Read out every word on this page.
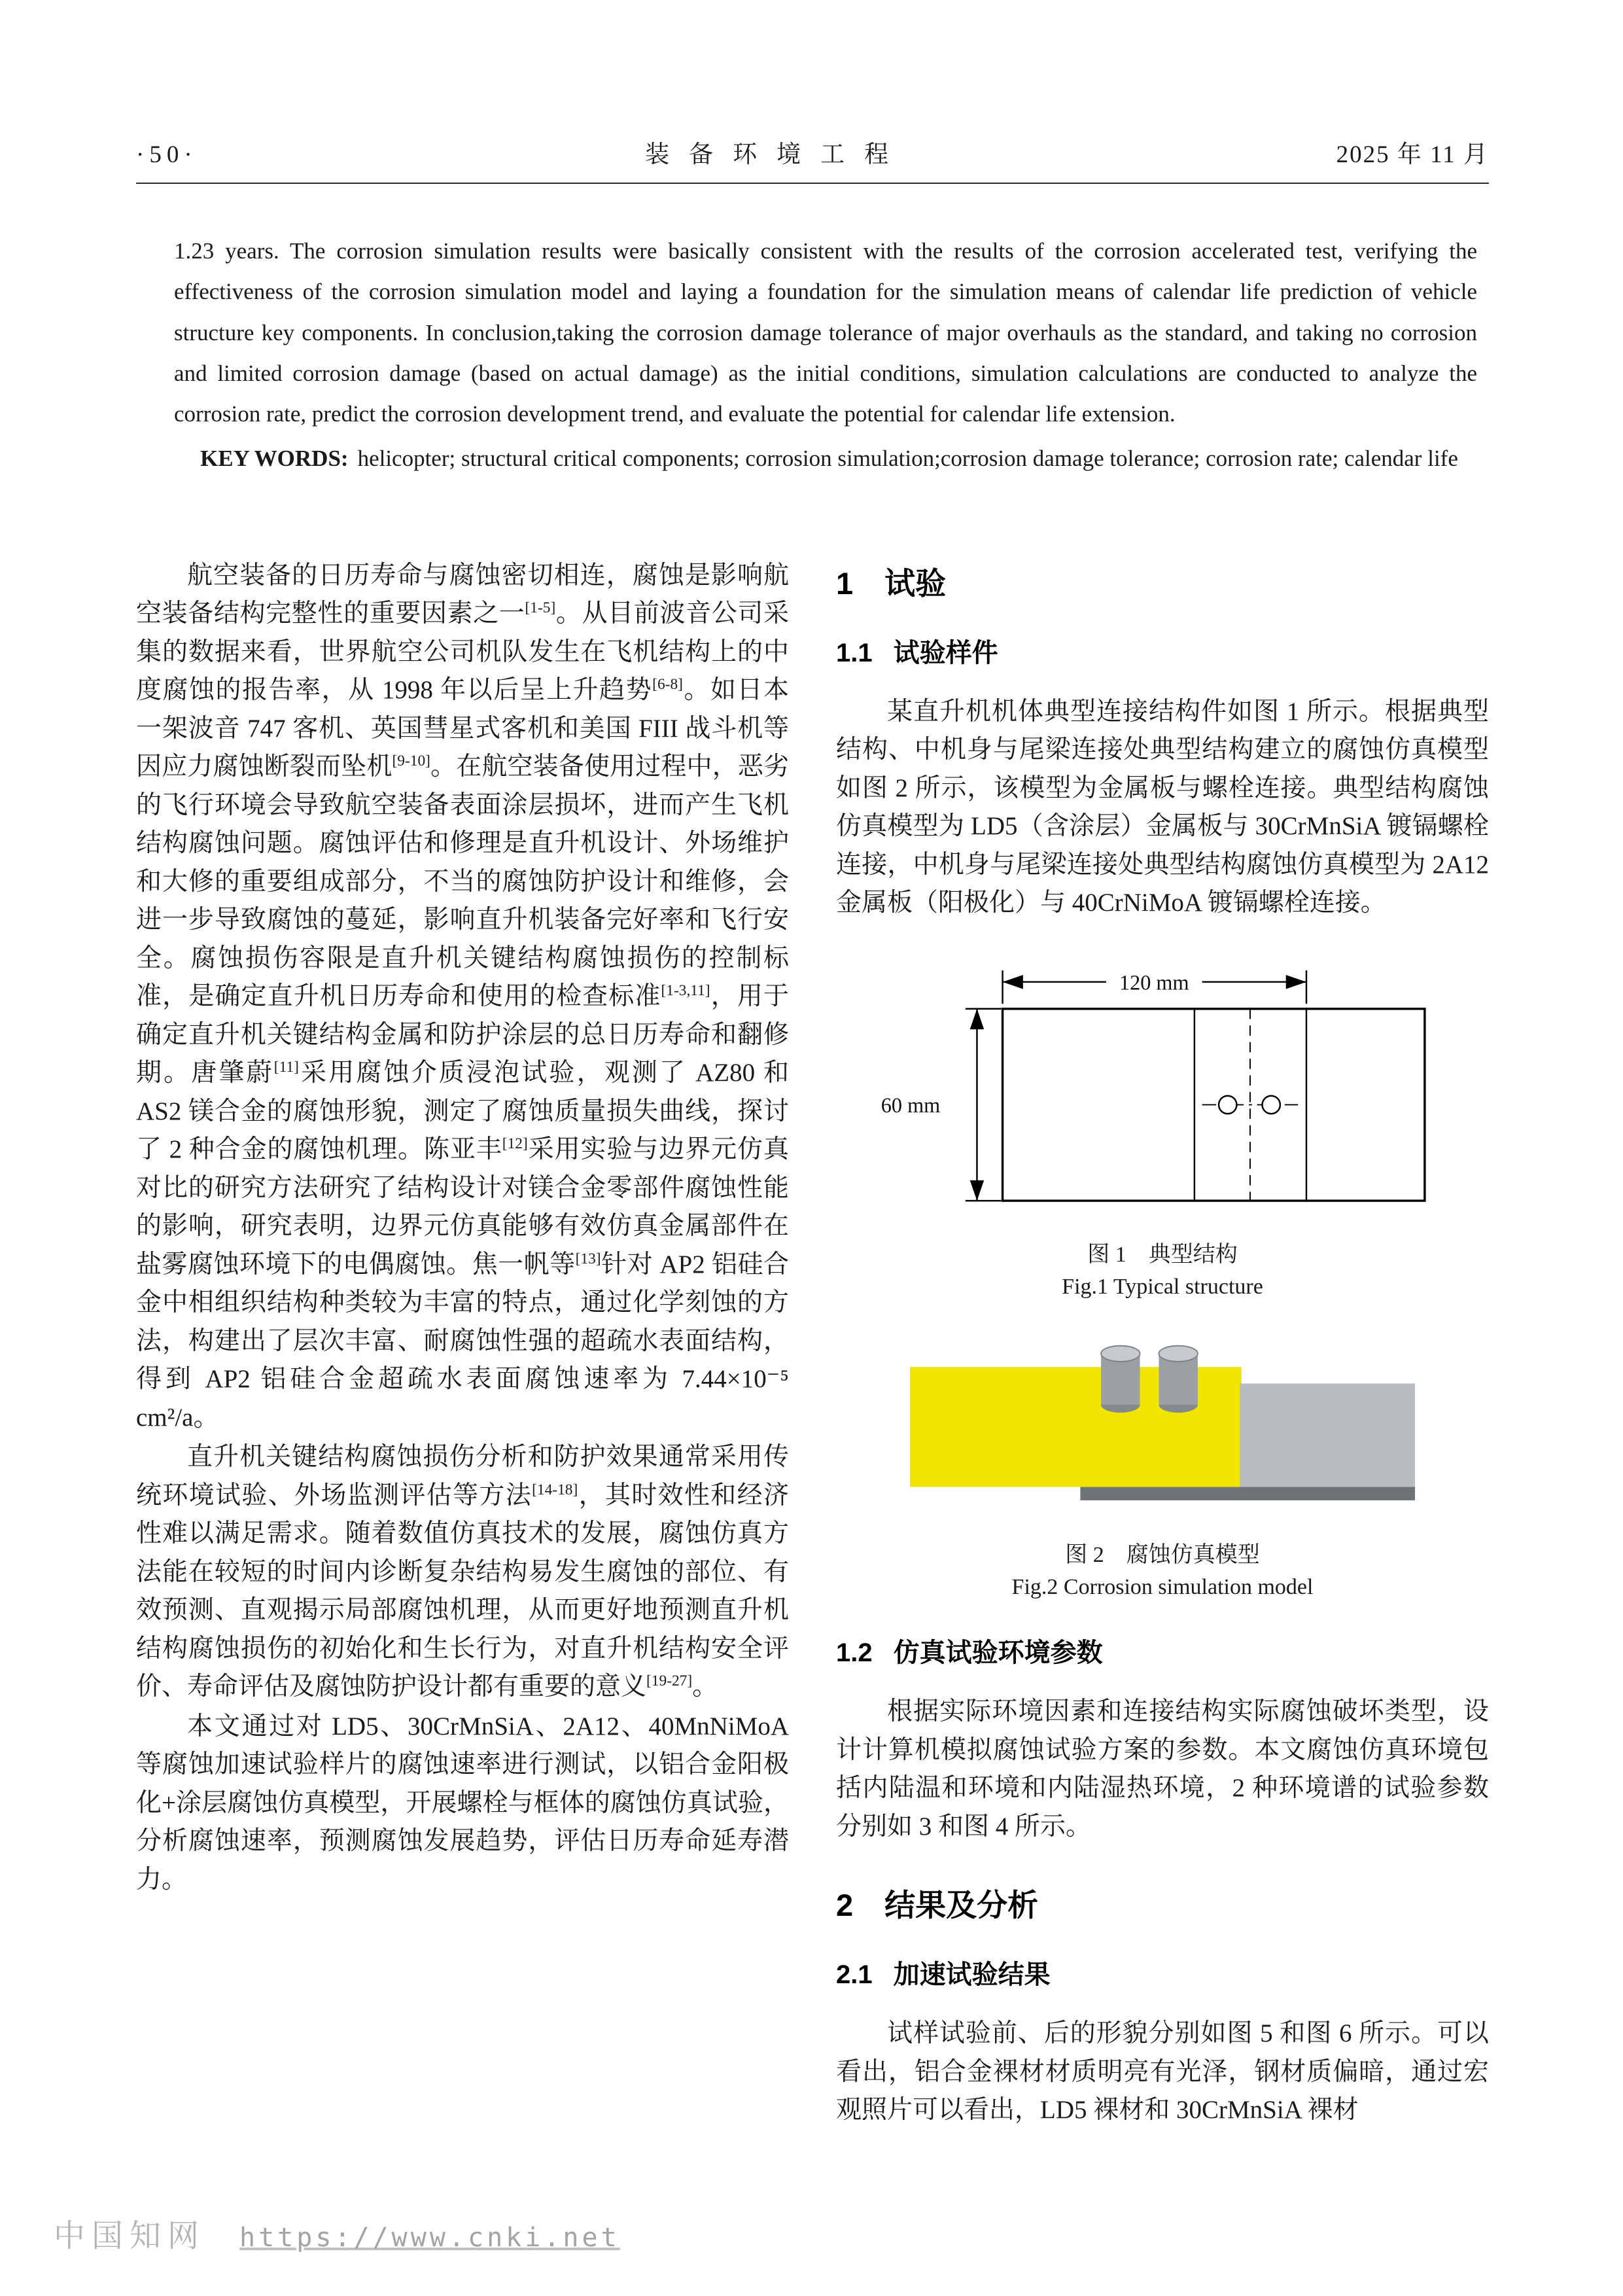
·50·	装备环境工程	2025 年 11 月

1.23 years. The corrosion simulation results were basically consistent with the results of the corrosion accelerated test, verifying the effectiveness of the corrosion simulation model and laying a foundation for the simulation means of calendar life prediction of vehicle structure key components. In conclusion,taking the corrosion damage tolerance of major overhauls as the standard, and taking no corrosion and limited corrosion damage (based on actual damage) as the initial conditions, simulation calculations are conducted to analyze the corrosion rate, predict the corrosion development trend, and evaluate the potential for calendar life extension.

KEY WORDS: helicopter; structural critical components; corrosion simulation;corrosion damage tolerance; corrosion rate; calendar life

航空装备的日历寿命与腐蚀密切相连，腐蚀是影响航空装备结构完整性的重要因素之一[1-5]。从目前波音公司采集的数据来看，世界航空公司机队发生在飞机结构上的中度腐蚀的报告率，从 1998 年以后呈上升趋势[6-8]。如日本一架波音 747 客机、英国彗星式客机和美国 FIII 战斗机等因应力腐蚀断裂而坠机[9-10]。在航空装备使用过程中，恶劣的飞行环境会导致航空装备表面涂层损坏，进而产生飞机结构腐蚀问题。腐蚀评估和修理是直升机设计、外场维护和大修的重要组成部分，不当的腐蚀防护设计和维修，会进一步导致腐蚀的蔓延，影响直升机装备完好率和飞行安全。腐蚀损伤容限是直升机关键结构腐蚀损伤的控制标准，是确定直升机日历寿命和使用的检查标准[1-3,11]，用于确定直升机关键结构金属和防护涂层的总日历寿命和翻修期。唐肇蔚[11]采用腐蚀介质浸泡试验，观测了 AZ80 和 AS2 镁合金的腐蚀形貌，测定了腐蚀质量损失曲线，探讨了 2 种合金的腐蚀机理。陈亚丰[12]采用实验与边界元仿真对比的研究方法研究了结构设计对镁合金零部件腐蚀性能的影响，研究表明，边界元仿真能够有效仿真金属部件在盐雾腐蚀环境下的电偶腐蚀。焦一帆等[13]针对 AP2 铝硅合金中相组织结构种类较为丰富的特点，通过化学刻蚀的方法，构建出了层次丰富、耐腐蚀性强的超疏水表面结构，得到 AP2 铝硅合金超疏水表面腐蚀速率为 7.44×10⁻⁵ cm²/a。

直升机关键结构腐蚀损伤分析和防护效果通常采用传统环境试验、外场监测评估等方法[14-18]，其时效性和经济性难以满足需求。随着数值仿真技术的发展，腐蚀仿真方法能在较短的时间内诊断复杂结构易发生腐蚀的部位、有效预测、直观揭示局部腐蚀机理，从而更好地预测直升机结构腐蚀损伤的初始化和生长行为，对直升机结构安全评价、寿命评估及腐蚀防护设计都有重要的意义[19-27]。

本文通过对 LD5、30CrMnSiA、2A12、40MnNiMoA 等腐蚀加速试验样片的腐蚀速率进行测试，以铝合金阳极化+涂层腐蚀仿真模型，开展螺栓与框体的腐蚀仿真试验，分析腐蚀速率，预测腐蚀发展趋势，评估日历寿命延寿潜力。

1 试验
1.1 试验样件

某直升机机体典型连接结构件如图 1 所示。根据典型结构、中机身与尾梁连接处典型结构建立的腐蚀仿真模型如图 2 所示，该模型为金属板与螺栓连接。典型结构腐蚀仿真模型为 LD5（含涂层）金属板与 30CrMnSiA 镀镉螺栓连接，中机身与尾梁连接处典型结构腐蚀仿真模型为 2A12 金属板（阳极化）与 40CrNiMoA 镀镉螺栓连接。

120 mm
60 mm

图 1　典型结构

Fig.1 Typical structure

图 2　腐蚀仿真模型

Fig.2 Corrosion simulation model

1.2 仿真试验环境参数

根据实际环境因素和连接结构实际腐蚀破坏类型，设计计算机模拟腐蚀试验方案的参数。本文腐蚀仿真环境包括内陆温和环境和内陆湿热环境，2 种环境谱的试验参数分别如 3 和图 4 所示。

2 结果及分析
2.1 加速试验结果

试样试验前、后的形貌分别如图 5 和图 6 所示。可以看出，铝合金裸材材质明亮有光泽，钢材质偏暗，通过宏观照片可以看出，LD5 裸材和 30CrMnSiA 裸材

中国知网 https://www.cnki.net
